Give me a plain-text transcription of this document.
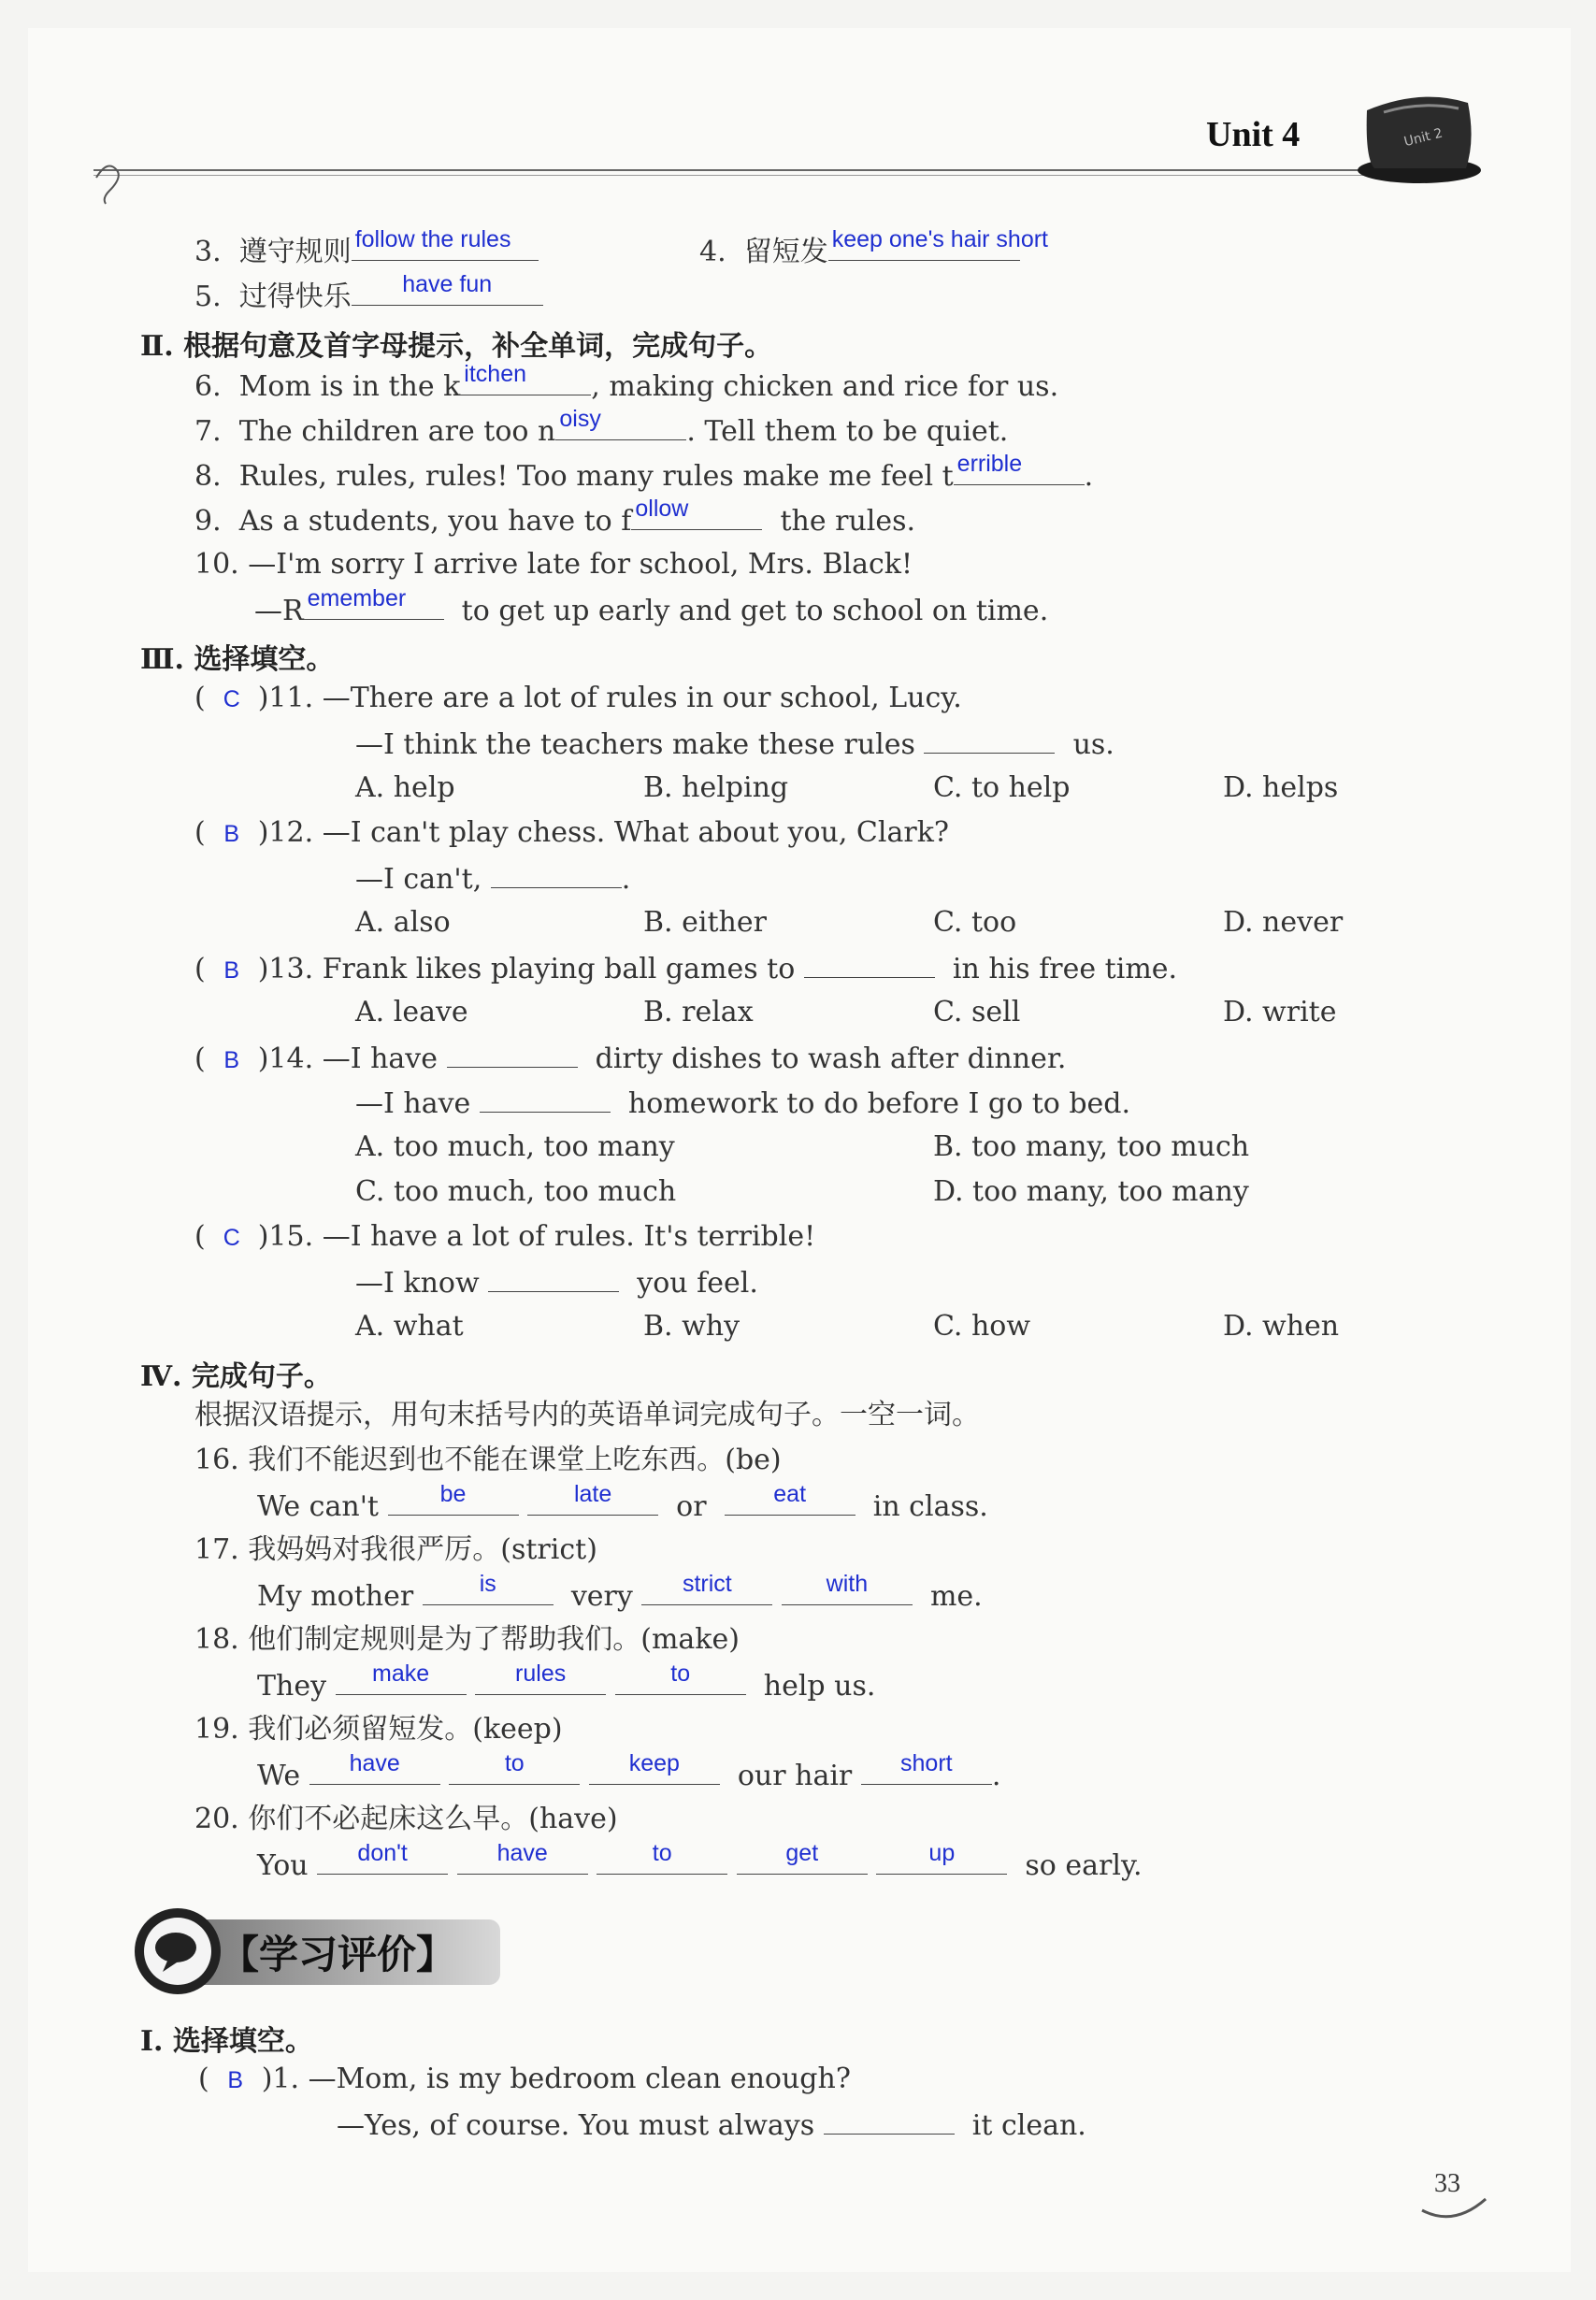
Unit 4	Unit 2
3. 遵守规则 follow the rules	4. 留短发 keep one's hair short
5. 过得快乐	have fun
Ⅱ. 根据句意及首字母提示，补全单词，完成句子。
6. Mom is in the k itchen	, making chicken and rice for us.
7. The children are too n oisy	. Tell them to be quiet.
8. Rules, rules, rules! Too many rules make me feel t errible	.
9. As a students, you have to f ollow	the rules.
10. —I'm sorry I arrive late for school, Mrs. Black!
—R emember	to get up early and get to school on time.
Ⅲ. 选择填空。
( C )11. —There are a lot of rules in our school, Lucy.
—I think the teachers make these rules	us.
A. help	B. helping	C. to help	D. helps
( B )12. —I can't play chess. What about you, Clark?
—I can't,	.
A. also	B. either	C. too	D. never
( B )13. Frank likes playing ball games to	in his free time.
A. leave	B. relax	C. sell	D. write
( B )14. —I have	dirty dishes to wash after dinner.
—I have	homework to do before I go to bed.
A. too much, too many	B. too many, too much
C. too much, too much	D. too many, too many
( C )15. —I have a lot of rules. It's terrible!
—I know	you feel.
A. what	B. why	C. how	D. when
Ⅳ. 完成句子。
根据汉语提示，用句末括号内的英语单词完成句子。一空一词。
16. 我们不能迟到也不能在课堂上吃东西。(be)
We can't	be
	late	or	eat	in class.
17. 我妈妈对我很严厉。(strict)
My mother	is	very	strict
	with	me.
18. 他们制定规则是为了帮助我们。(make)
They	make
	rules
	to	help us.
19. 我们必须留短发。(keep)
We	have
	to
	keep	our hair	short	.
20. 你们不必起床这么早。(have)
You	don't
	have
	to
	get
	up	so early.
【学习评价】
Ⅰ. 选择填空。
( B )1. —Mom, is my bedroom clean enough?
—Yes, of course. You must always	it clean.
33
